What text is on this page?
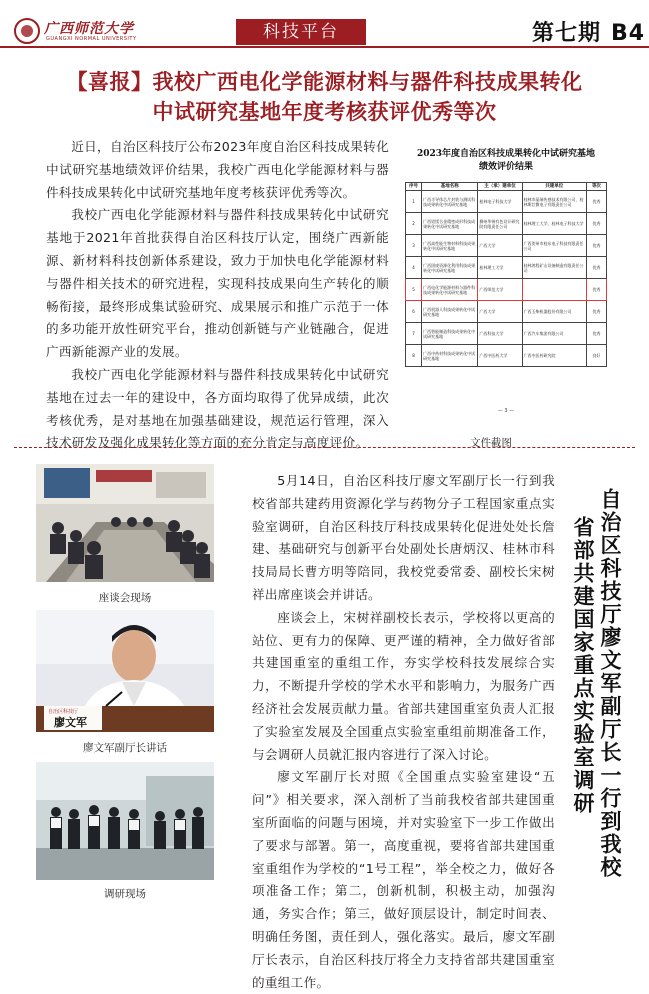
广西师范大学
GUANGXI NORMAL UNIVERSITY	科技平台	第七期 B4
【喜报】我校广西电化学能源材料与器件科技成果转化
中试研究基地年度考核获评优秀等次

近日，自治区科技厅公布2023年度自治区科技成果转化中试研究基地绩效评价结果，我校广西电化学能源材料与器件科技成果转化中试研究基地年度考核获评优秀等次。

我校广西电化学能源材料与器件科技成果转化中试研究基地于2021年首批获得自治区科技厅认定，围绕广西新能源、新材料科技创新体系建设，致力于加快电化学能源材料与器件相关技术的研究进程，实现科技成果向生产转化的顺畅衔接，最终形成集试验研究、成果展示和推广示范于一体的多功能开放性研究平台，推动创新链与产业链融合，促进广西新能源产业的发展。

我校广西电化学能源材料与器件科技成果转化中试研究基地在过去一年的建设中，各方面均取得了优异成绩，此次考核优秀，是对基地在加强基础建设，规范运行管理，深入技术研发及强化成果转化等方面的充分肯定与高度评价。

2023年度自治区科技成果转化中试研究基地
绩效评价结果
序号	基地名称	主（承）建单位	共建单位	等次
1	广西半导体芯片封装与测试科技成果转化中试研究基地	桂林电子科技大学	桂林市晶瑞传感技术有限公司，桂林斯壮微电子有限责任公司	优秀
2	广西铝镁合金精密成形科技成果转化中试研究基地	柳州华锡有色设计研究院有限责任公司	桂林理工大学，桂林电子科技大学	优秀
3	广西高性能生物材料科技成果转化中试研究基地	广西大学	广西贺州市桂东电子科技有限责任公司	优秀
4	广西固废资源化利用科技成果转化中试研究基地	桂林理工大学	桂林鸿程矿山设备制造有限责任公司	优秀
5	广西电化学能源材料与器件科技成果转化中试研究基地	广西师范大学		优秀
6	广西机器人科技成果转化中试研究基地	广西大学	广西玉柴机器股份有限公司	优秀
7	广西智能制造科技成果转化中试研究基地	广西科技大学	广西汽车集团有限公司	优秀
8	广西中药材科技成果转化中试研究基地	广西中医药大学	广西中医药研究院	良好
— 3 —
文件截图
座谈会现场
自治区科技厅
廖文军
廖文军副厅长讲话
调研现场

5月14日，自治区科技厅廖文军副厅长一行到我校省部共建药用资源化学与药物分子工程国家重点实验室调研，自治区科技厅科技成果转化促进处处长詹建、基础研究与创新平台处副处长唐炳汉、桂林市科技局局长曹方明等陪同，我校党委常委、副校长宋树祥出席座谈会并讲话。

座谈会上，宋树祥副校长表示，学校将以更高的站位、更有力的保障、更严谨的精神，全力做好省部共建国重室的重组工作，夯实学校科技发展综合实力，不断提升学校的学术水平和影响力，为服务广西经济社会发展贡献力量。省部共建国重室负责人汇报了实验室发展及全国重点实验室重组前期准备工作，与会调研人员就汇报内容进行了深入讨论。

廖文军副厅长对照《全国重点实验室建设“五问”》相关要求，深入剖析了当前我校省部共建国重室所面临的问题与困境，并对实验室下一步工作做出了要求与部署。第一，高度重视，要将省部共建国重室重组作为学校的“1号工程”，举全校之力，做好各项准备工作；第二，创新机制，积极主动，加强沟通，务实合作；第三，做好顶层设计，制定时间表、明确任务图，责任到人，强化落实。最后，廖文军副厅长表示，自治区科技厅将全力支持省部共建国重室的重组工作。

自治区科技厅廖文军副厅长一行到我校
省部共建国家重点实验室调研
